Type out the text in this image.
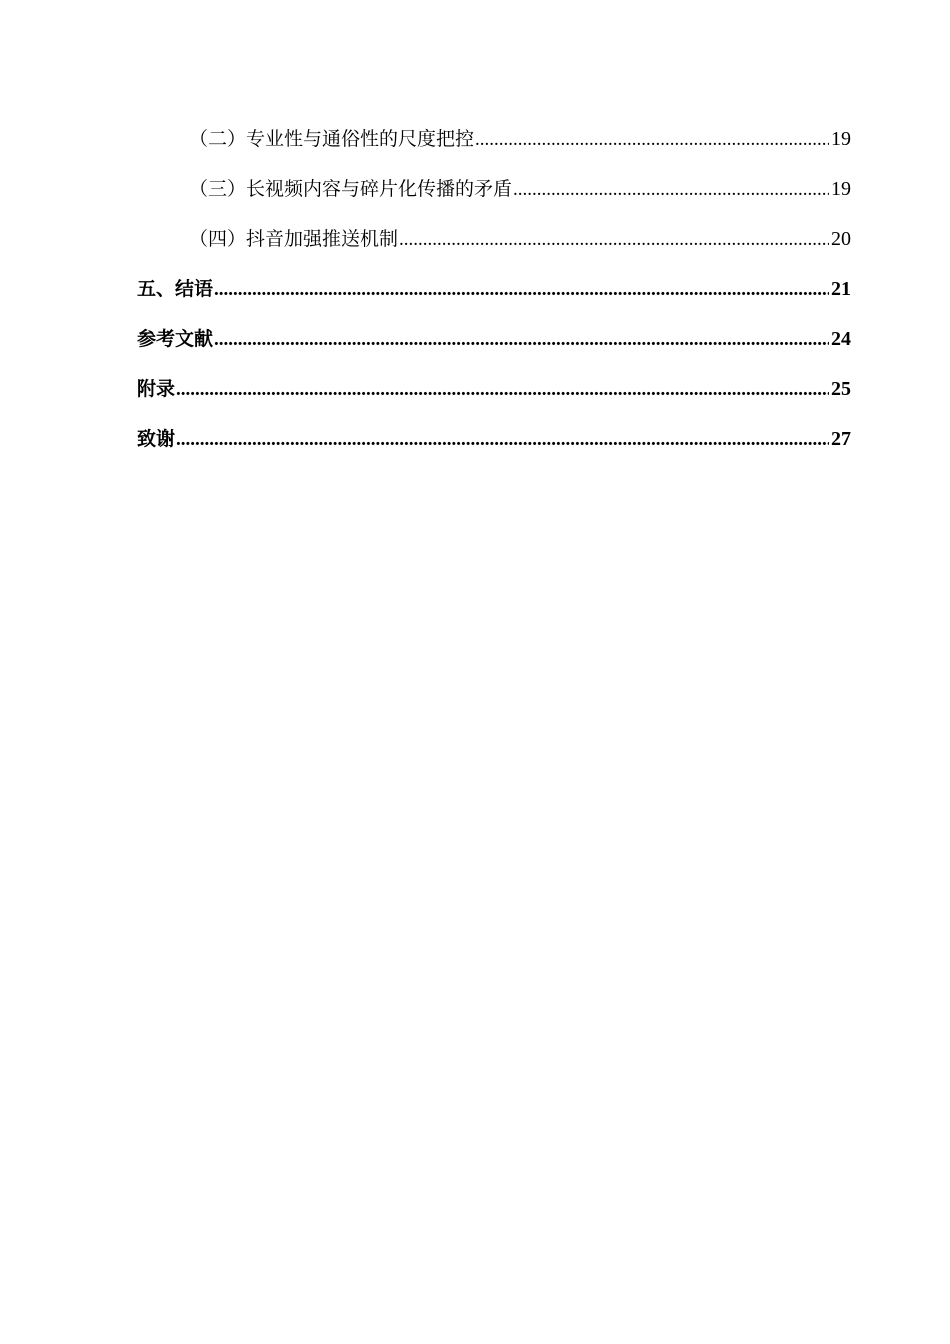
（二）专业性与通俗性的尺度把控 .....	19
（三）长视频内容与碎片化传播的矛盾 .....	19
（四）抖音加强推送机制 .....	20
五、结语 .....	21
参考文献 .....	24
附录 .....	25
致谢 .....	27
